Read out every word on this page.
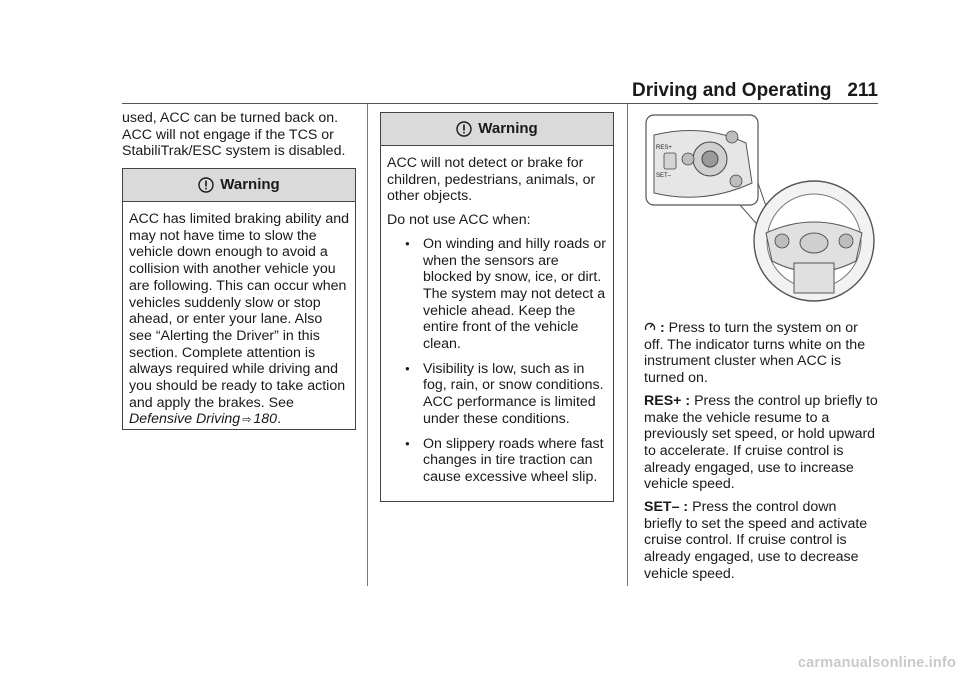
Driving and Operating 211

used, ACC can be turned back on. ACC will not engage if the TCS or StabiliTrak/ESC system is disabled.

Warning

ACC has limited braking ability and may not have time to slow the vehicle down enough to avoid a collision with another vehicle you are following. This can occur when vehicles suddenly slow or stop ahead, or enter your lane. Also see “Alerting the Driver” in this section. Complete attention is always required while driving and you should be ready to take action and apply the brakes. See Defensive Driving ⇨ 180.

Warning

ACC will not detect or brake for children, pedestrians, animals, or other objects.

Do not use ACC when:

● On winding and hilly roads or when the sensors are blocked by snow, ice, or dirt. The system may not detect a vehicle ahead. Keep the entire front of the vehicle clean.
● Visibility is low, such as in fog, rain, or snow conditions. ACC performance is limited under these conditions.
● On slippery roads where fast changes in tire traction can cause excessive wheel slip.
RES+
SET–

: Press to turn the system on or off. The indicator turns white on the instrument cluster when ACC is turned on.

RES+ : Press the control up briefly to make the vehicle resume to a previously set speed, or hold upward to accelerate. If cruise control is already engaged, use to increase vehicle speed.

SET– : Press the control down briefly to set the speed and activate cruise control. If cruise control is already engaged, use to decrease vehicle speed.

carmanualsonline.info
